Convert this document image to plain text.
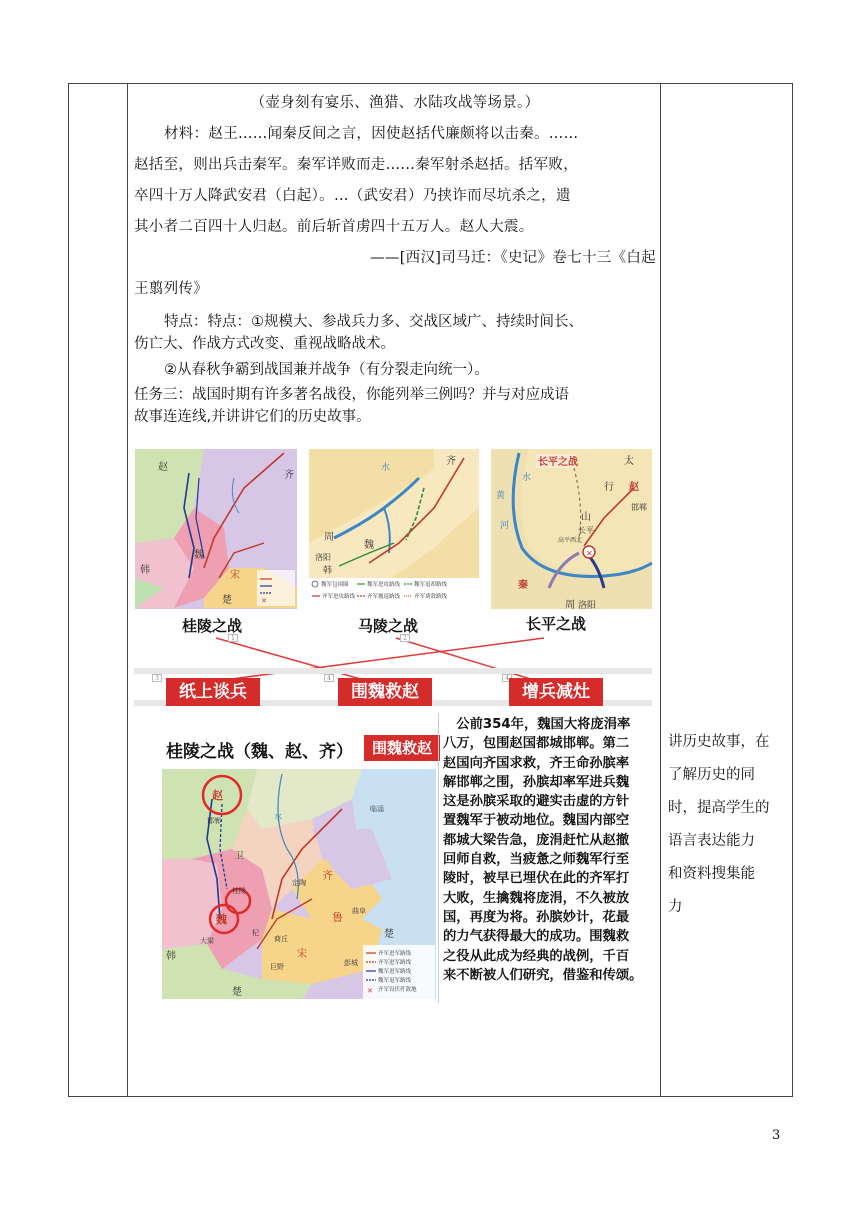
（壶身刻有宴乐、渔猎、水陆攻战等场景。）
材料：赵王……闻秦反间之言，因使赵括代廉颇将以击秦。……
赵括至，则出兵击秦军。秦军详败而走……秦军射杀赵括。括军败，
卒四十万人降武安君（白起）。…（武安君）乃挟诈而尽坑杀之，遗
其小者二百四十人归赵。前后斩首虏四十五万人。赵人大震。
——[西汉]司马迁：《史记》卷七十三《白起
王翦列传》
特点：特点：①规模大、参战兵力多、交战区域广、持续时间长、
伤亡大、作战方式改变、重视战略战术。
②从春秋争霸到战国兼并战争（有分裂走向统一）。
任务三：战国时期有许多著名战役，你能列举三例吗？并与对应成语
故事连连线,并讲讲它们的历史故事。
赵
齐
韩
魏
宋
楚	✕
齐
周
魏
洛阳
韩
水
魏军包围圈	魏军进攻路线	魏军退却路线
齐军进攻路线 齐军撤退路线	齐军诱敌路线
✕
长平之战	太
行 赵
邯郸
山
长平
高平西北
秦
周 洛阳
黄
河
水
1	2
桂陵之战	马陵之战	长平之战
3	4	4
纸上谈兵	围魏救赵	增兵减灶
桂陵之战（魏、赵、齐）	围魏救赵
赵
邯郸
卫
魏
桂陵
大梁
定陶
齐
鲁
宋
商丘
韩
楚
楚
临淄
曲阜
彭城
巨野
杞
水
齐军进军路线
齐军进军路线
魏军进军路线
魏军退军路线
✕ 齐军设伏歼敌地
　公前354年，魏国大将庞涓率
八万，包围赵国都城邯郸。第二
赵国向齐国求救，齐王命孙膑率
解邯郸之围，孙膑却率军进兵魏
这是孙膑采取的避实击虚的方针
置魏军于被动地位。魏国内部空
都城大梁告急，庞涓赶忙从赵撤
回师自救，当疲惫之师魏军行至
陵时，被早已埋伏在此的齐军打
大败，生擒魏将庞涓，不久被放
国，再度为将。孙膑妙计，花最
的力气获得最大的成功。围魏救
之役从此成为经典的战例，千百
来不断被人们研究，借鉴和传颂。
讲历史故事，在
了解历史的同
时，提高学生的
语言表达能力
和资料搜集能
力
3
